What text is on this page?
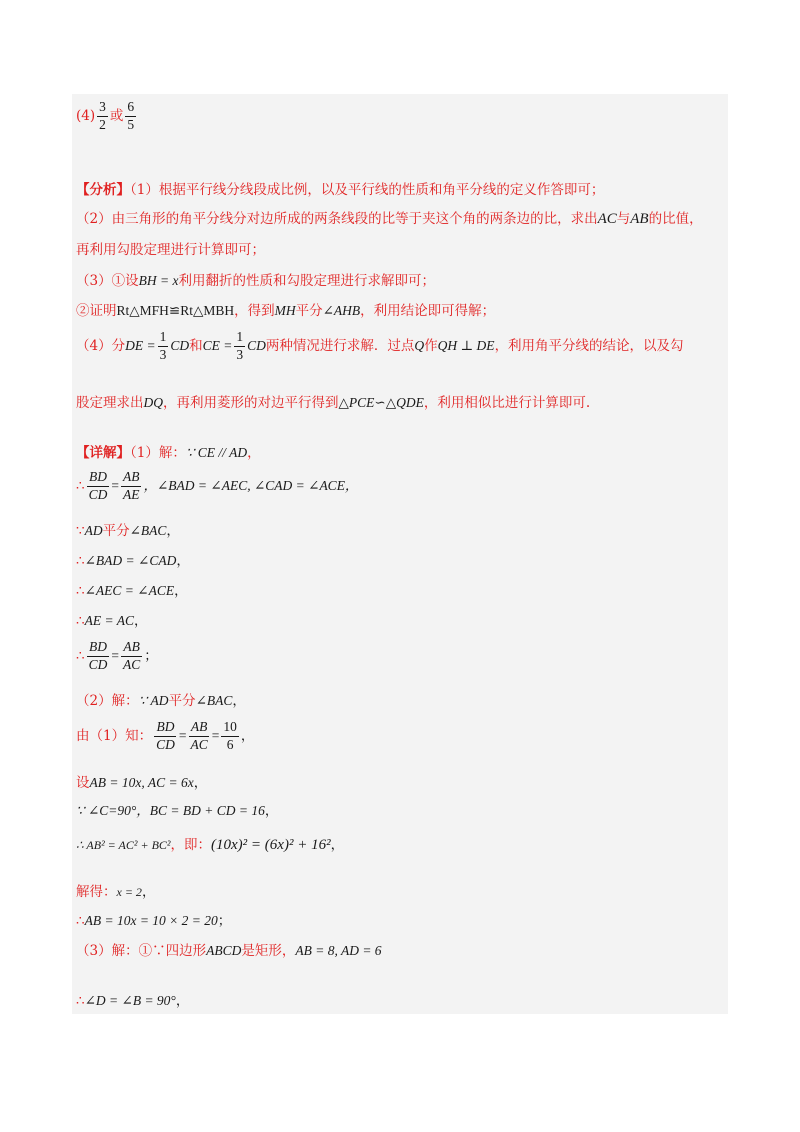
$(4) \frac{3}{2}$ 或 $\frac{6}{5}$
【分析】（1）根据平行线分线段成比例，以及平行线的性质和角平分线的定义作答即可；
（2）由三角形的角平分线分对边所成的两条线段的比等于夹这个角的两条边的比，求出AC与AB的比值，
再利用勾股定理进行计算即可；
（3）①设BH = x利用翻折的性质和勾股定理进行求解即可；
②证明Rt△MFH≌Rt△MBH，得到MH平分∠AHB，利用结论即可得解；
（4）分DE = $\frac{1}{3}$ CD和CE = $\frac{1}{3}$ CD两种情况进行求解．过点Q作QH ⊥ DE，利用角平分线的结论，以及勾
股定理求出DQ，再利用菱形的对边平行得到△PCE∽△QDE，利用相似比进行计算即可.
【详解】（1）解：∵ CE // AD，
∴ $\frac{BD}{CD} = \frac{AB}{AE}$ ，∠BAD = ∠AEC, ∠CAD = ∠ACE，
∵AD平分∠BAC，
∴∠BAD = ∠CAD，
∴∠AEC = ∠ACE，
∴AE = AC，
∴ $\frac{BD}{CD} = \frac{AB}{AC}$ ；
（2）解：∵ AD平分∠BAC，
由（1）知： $\frac{BD}{CD} = \frac{AB}{AC} = \frac{10}{6}$ ，
设AB = 10x, AC = 6x，
∵ ∠C=90°，BC = BD + CD = 16，
∴ AB² = AC² + BC²，即：(10x)² = (6x)² + 16²，
解得：x = 2，
∴AB = 10x = 10 × 2 = 20；
（3）解：①∵四边形ABCD是矩形，AB = 8, AD = 6
∴∠D = ∠B = 90°，
